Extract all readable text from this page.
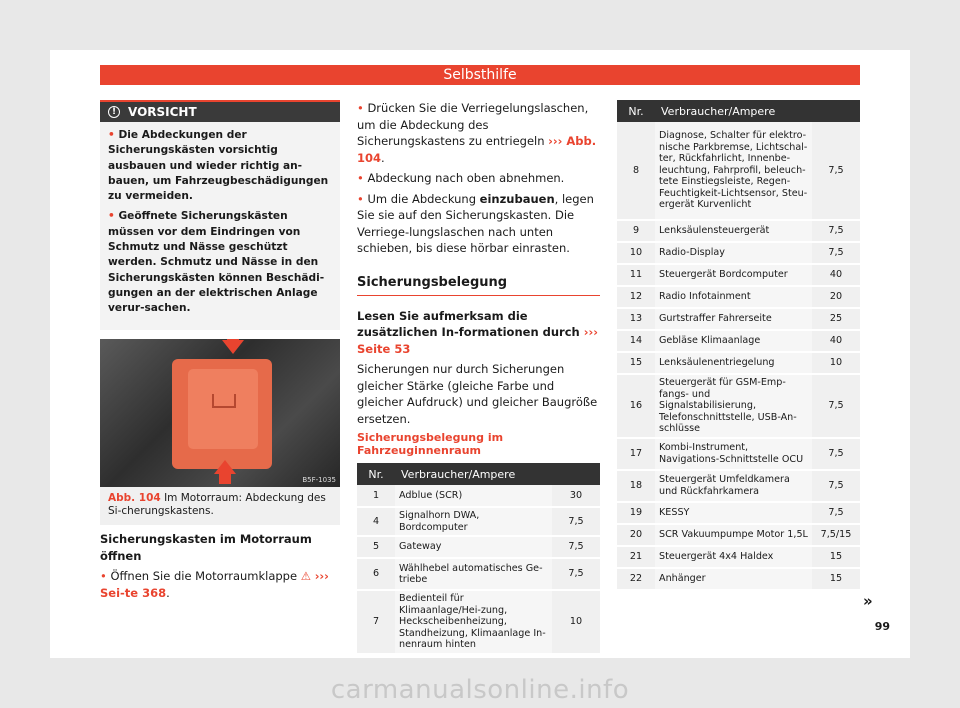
Selbsthilfe
! VORSICHT

• Die Abdeckungen der Sicherungskästen vorsichtig ausbauen und wieder richtig an-bauen, um Fahrzeugbeschädigungen zu vermeiden.

• Geöffnete Sicherungskästen müssen vor dem Eindringen von Schmutz und Nässe geschützt werden. Schmutz und Nässe in den Sicherungskästen können Beschädi-gungen an der elektrischen Anlage verur-sachen.

B5F-1035
Abb. 104 Im Motorraum: Abdeckung des Si-cherungskastens.
Sicherungskasten im Motorraum öffnen
• Öffnen Sie die Motorraumklappe ⚠ ››› Sei-te 368.
• Drücken Sie die Verriegelungslaschen, um die Abdeckung des Sicherungskastens zu entriegeln ››› Abb. 104.
• Abdeckung nach oben abnehmen.
• Um die Abdeckung einzubauen, legen Sie sie auf den Sicherungskasten. Die Verriege-lungslaschen nach unten schieben, bis diese hörbar einrasten.
Sicherungsbelegung
Lesen Sie aufmerksam die zusätzlichen In-formationen durch ››› Seite 53
Sicherungen nur durch Sicherungen gleicher Stärke (gleiche Farbe und gleicher Aufdruck) und gleicher Baugröße ersetzen.
Sicherungsbelegung im Fahrzeuginnenraum
Nr.	Verbraucher/Ampere	
1	Adblue (SCR)	30
4	Signalhorn DWA, Bordcomputer	7,5
5	Gateway	7,5
6	Wählhebel automatisches Ge-triebe	7,5
7	Bedienteil für Klimaanlage/Hei-zung, Heckscheibenheizung, Standheizung, Klimaanlage In-nenraum hinten	10
Nr.	Verbraucher/Ampere	
8	Diagnose, Schalter für elektro-nische Parkbremse, Lichtschal-ter, Rückfahrlicht, Innenbe-leuchtung, Fahrprofil, beleuch-tete Einstiegsleiste, Regen-Feuchtigkeit-Lichtsensor, Steu-ergerät Kurvenlicht	7,5
9	Lenksäulensteuergerät	7,5
10	Radio-Display	7,5
11	Steuergerät Bordcomputer	40
12	Radio Infotainment	20
13	Gurtstraffer Fahrerseite	25
14	Gebläse Klimaanlage	40
15	Lenksäulenentriegelung	10
16	Steuergerät für GSM-Emp-fangs- und Signalstabilisierung, Telefonschnittstelle, USB-An-schlüsse	7,5
17	Kombi-Instrument, Navigations-Schnittstelle OCU	7,5
18	Steuergerät Umfeldkamera und Rückfahrkamera	7,5
19	KESSY	7,5
20	SCR Vakuumpumpe Motor 1,5L	7,5/15
21	Steuergerät 4x4 Haldex	15
22	Anhänger	15
»
99
carmanualsonline.info
